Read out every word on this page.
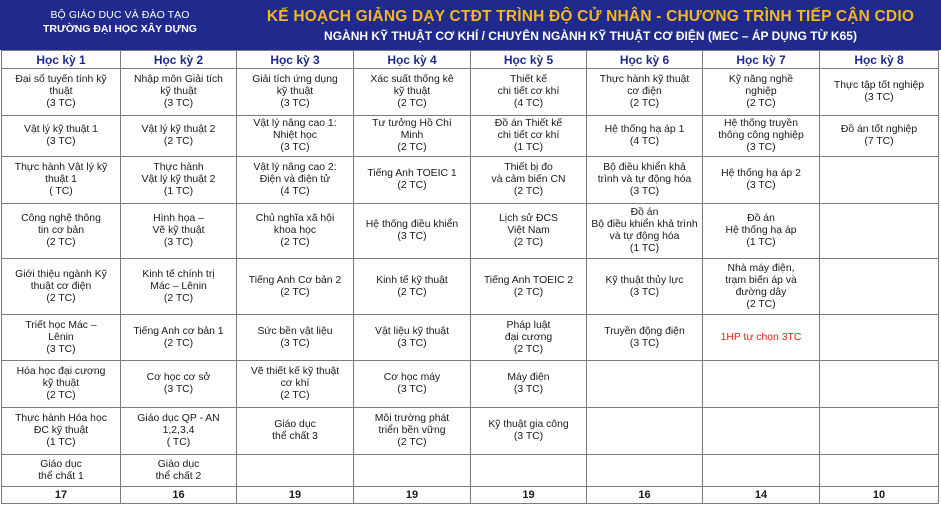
BỘ GIÁO DỤC VÀ ĐÀO TẠO
TRƯỜNG ĐẠI HỌC XÂY DỰNG
KẾ HOẠCH GIẢNG DẠY CTĐT TRÌNH ĐỘ CỬ NHÂN - CHƯƠNG TRÌNH TIẾP CẬN CDIO
NGÀNH KỸ THUẬT CƠ KHÍ / CHUYÊN NGÀNH KỸ THUẬT CƠ ĐIỆN (MEC – ÁP DỤNG TỪ K65)
Học kỳ 1	Học kỳ 2	Học kỳ 3	Học kỳ 4	Học kỳ 5	Học kỳ 6	Học kỳ 7	Học kỳ 8

Đại số tuyến tính kỹ
thuật
(3 TC)	Nhập môn Giải tích
kỹ thuật
(3 TC)	Giải tích ứng dụng
kỹ thuật
(3 TC)	Xác suất thống kê
kỹ thuật
(2 TC)	Thiết kế
chi tiết cơ khí
(4 TC)	Thực hành kỹ thuật
cơ điện
(2 TC)	Kỹ năng nghề
nghiệp
(2 TC)	Thực tập tốt nghiệp
(3 TC)

Vật lý kỹ thuật 1
(3 TC)	Vật lý kỹ thuật 2
(2 TC)	Vật lý nâng cao 1:
Nhiệt học
(3 TC)	Tư tưởng Hồ Chí
Minh
(2 TC)	Đồ án Thiết kế
chi tiết cơ khí
(1 TC)	Hệ thống hạ áp 1
(4 TC)	Hệ thống truyền
thông công nghiệp
(3 TC)	Đồ án tốt nghiệp
(7 TC)

Thực hành Vật lý kỹ
thuật 1
( TC)	Thực hành
Vật lý kỹ thuật 2
(1 TC)	Vật lý nâng cao 2:
Điện và điện tử
(4 TC)	Tiếng Anh TOEIC 1
(2 TC)	Thiết bị đo
và cảm biến CN
(2 TC)	Bộ điều khiển khả
trình và tự động hóa
(3 TC)	Hệ thống hạ áp 2
(3 TC)	

Công nghệ thông
tin cơ bản
(2 TC)	Hình họa –
Vẽ kỹ thuật
(3 TC)	Chủ nghĩa xã hội
khoa học
(2 TC)	Hệ thống điều khiển
(3 TC)	Lịch sử ĐCS
Việt Nam
(2 TC)	Đồ án
Bộ điều khiển khả trình
và tự động hóa
(1 TC)	Đồ án
Hệ thống hạ áp
(1 TC)	

Giới thiệu ngành Kỹ
thuật cơ điện
(2 TC)	Kinh tế chính trị
Mác – Lênin
(2 TC)	Tiếng Anh Cơ bản 2
(2 TC)	Kinh tế kỹ thuật
(2 TC)	Tiếng Anh TOEIC 2
(2 TC)	Kỹ thuật thủy lực
(3 TC)	Nhà máy điện,
trạm biến áp và
đường dây
(2 TC)	

Triết học Mác –
Lênin
(3 TC)	Tiếng Anh cơ bản 1
(2 TC)	Sức bền vật liệu
(3 TC)	Vật liệu kỹ thuật
(3 TC)	Pháp luật
đại cương
(2 TC)	Truyền động điện
(3 TC)	1HP tự chọn 3TC	

Hóa học đại cương
kỹ thuật
(2 TC)	Cơ học cơ sở
(3 TC)	Vẽ thiết kế kỹ thuật
cơ khí
(2 TC)	Cơ học máy
(3 TC)	Máy điện
(3 TC)			

Thực hành Hóa học
ĐC kỹ thuật
(1 TC)	Giáo dục QP - AN
1,2,3,4
( TC)	Giáo dục
thể chất 3	Môi trường phát
triển bền vững
(2 TC)	Kỹ thuật gia công
(3 TC)			

Giáo dục
thể chất 1	Giáo dục
thể chất 2						

17	16	19	19	19	16	14	10
